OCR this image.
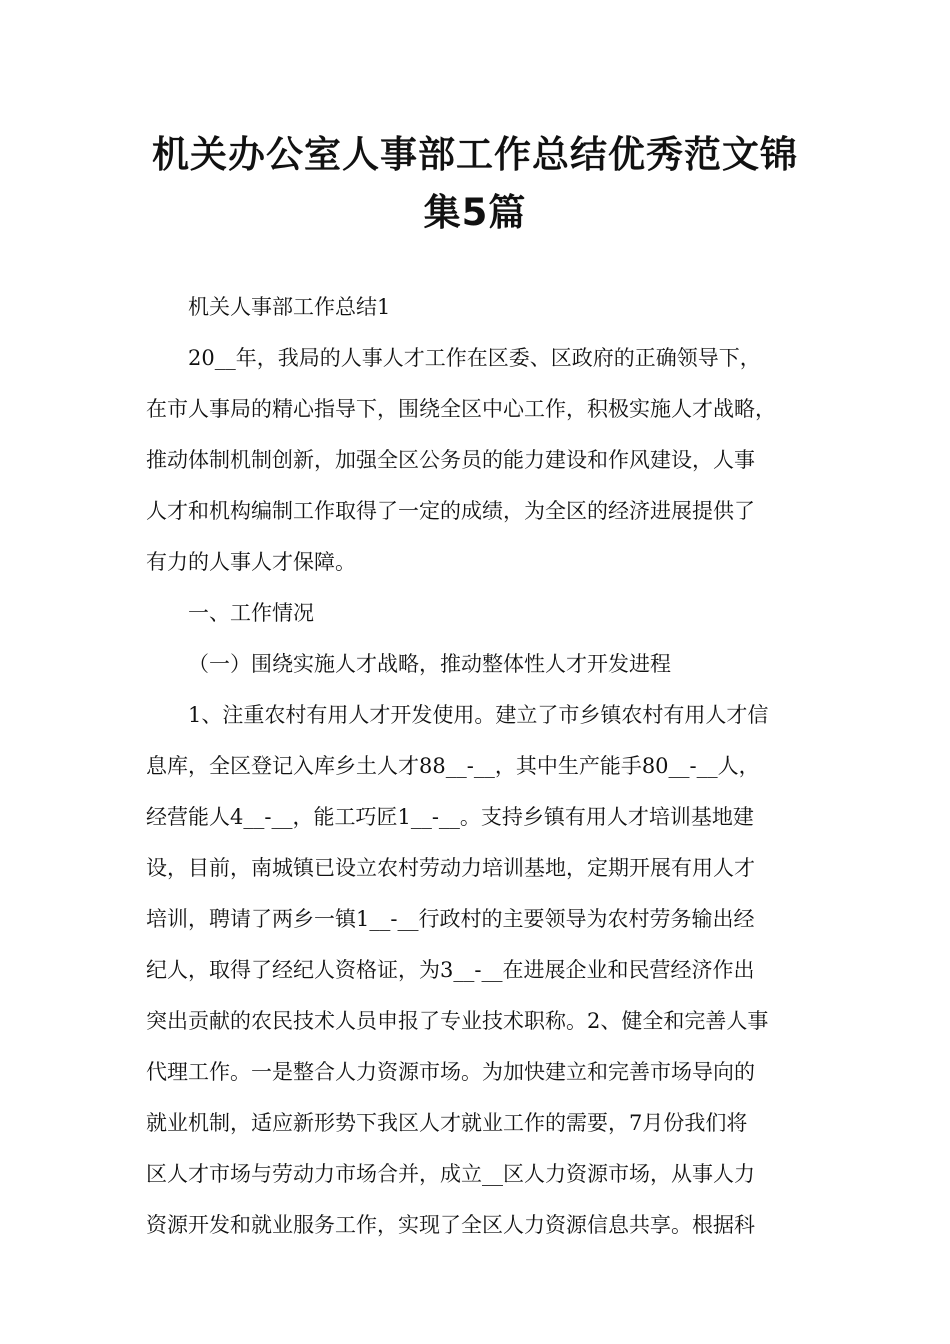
机关办公室人事部工作总结优秀范文锦
集5篇

机关人事部工作总结1

20__年，我局的人事人才工作在区委、区政府的正确领导下，
在市人事局的精心指导下，围绕全区中心工作，积极实施人才战略，
推动体制机制创新，加强全区公务员的能力建设和作风建设，人事
人才和机构编制工作取得了一定的成绩，为全区的经济进展提供了
有力的人事人才保障。

一、工作情况

（一）围绕实施人才战略，推动整体性人才开发进程

1、注重农村有用人才开发使用。建立了市乡镇农村有用人才信
息库，全区登记入库乡土人才88__-__，其中生产能手80__-__人，
经营能人4__-__，能工巧匠1__-__。支持乡镇有用人才培训基地建
设，目前，南城镇已设立农村劳动力培训基地，定期开展有用人才
培训，聘请了两乡一镇1__-__行政村的主要领导为农村劳务输出经
纪人，取得了经纪人资格证，为3__-__在进展企业和民营经济作出
突出贡献的农民技术人员申报了专业技术职称。2、健全和完善人事
代理工作。一是整合人力资源市场。为加快建立和完善市场导向的
就业机制，适应新形势下我区人才就业工作的需要，7月份我们将
区人才市场与劳动力市场合并，成立__区人力资源市场，从事人力
资源开发和就业服务工作，实现了全区人力资源信息共享。根据科
